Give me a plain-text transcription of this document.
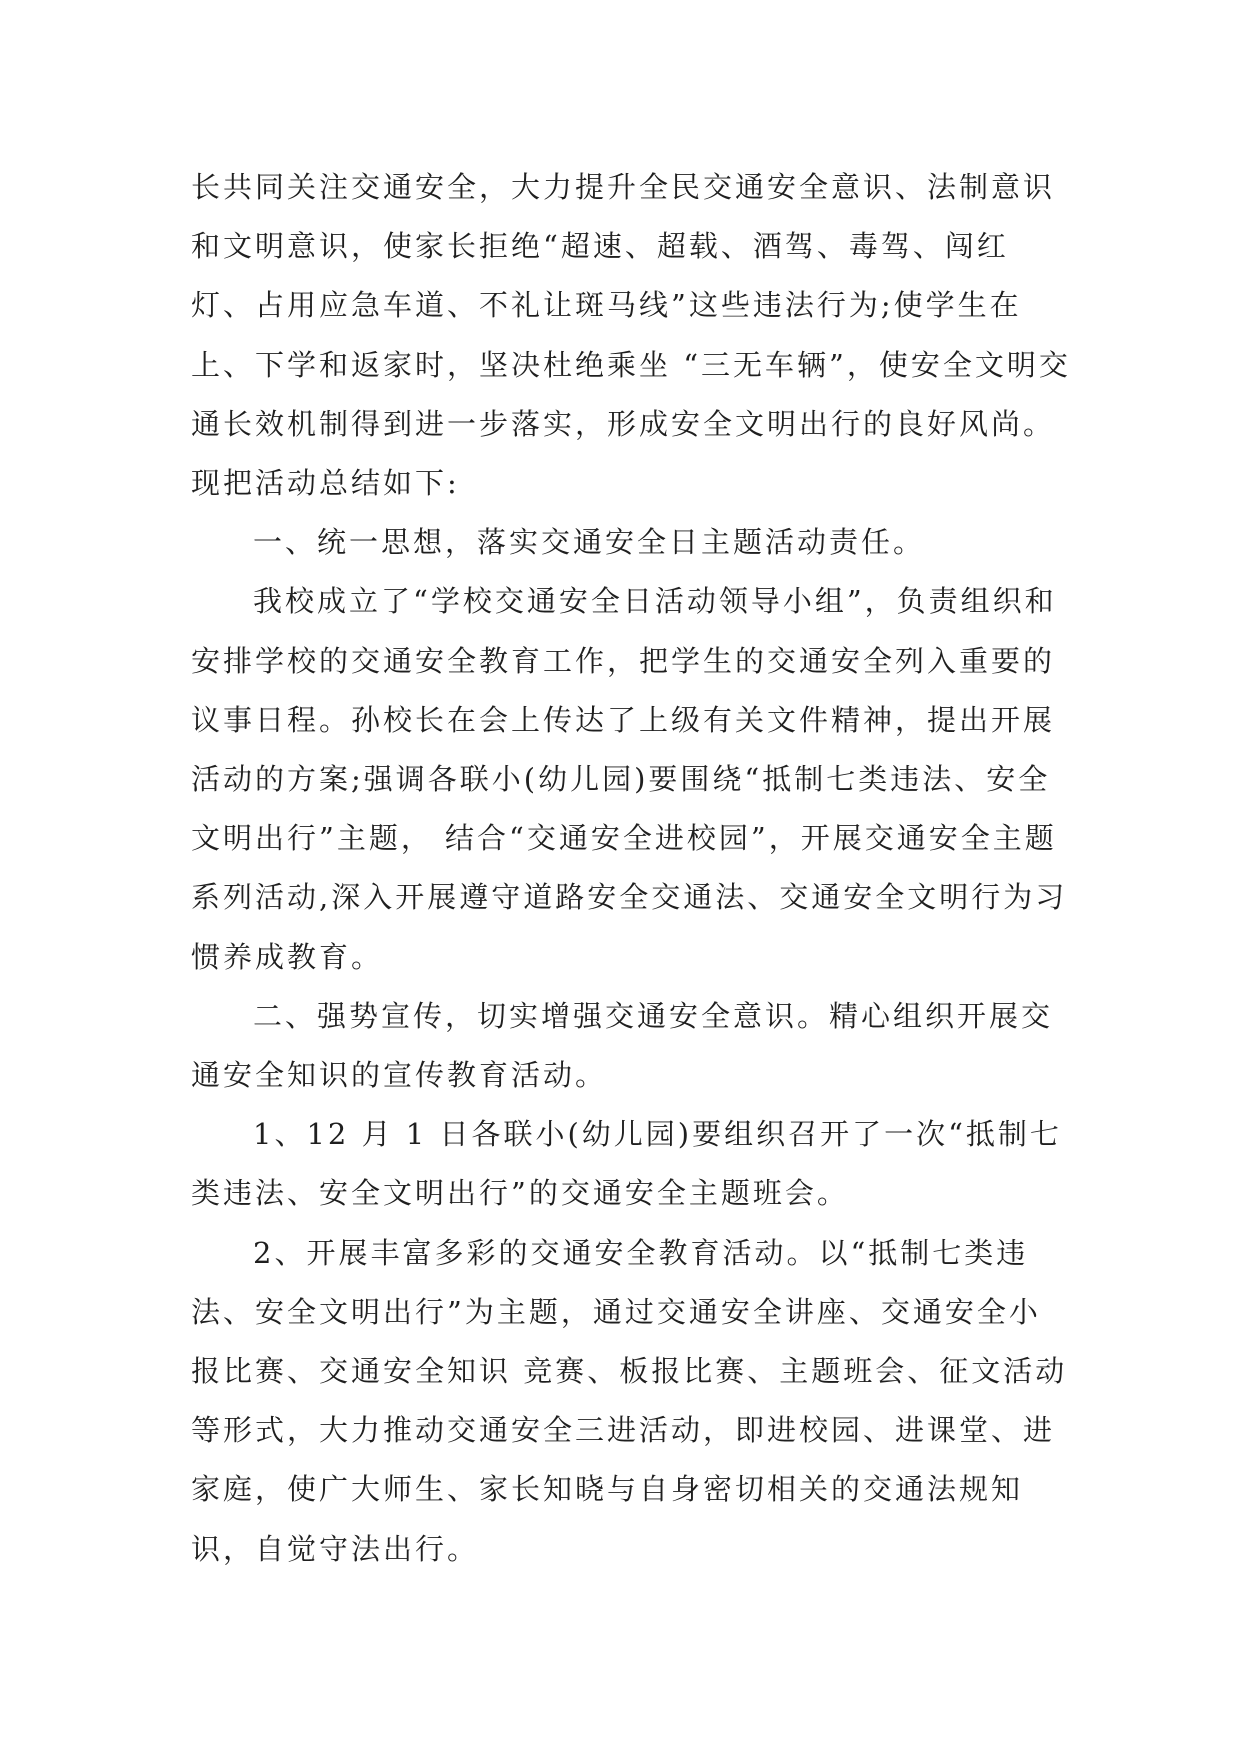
长共同关注交通安全，大力提升全民交通安全意识、法制意识和文明意识，使家长拒绝“超速、超载、酒驾、毒驾、闯红灯、占用应急车道、不礼让斑马线”这些违法行为;使学生在上、下学和返家时，坚决杜绝乘坐 “三无车辆”，使安全文明交通长效机制得到进一步落实，形成安全文明出行的良好风尚。现把活动总结如下:

一、统一思想，落实交通安全日主题活动责任。

我校成立了“学校交通安全日活动领导小组”，负责组织和安排学校的交通安全教育工作，把学生的交通安全列入重要的议事日程。孙校长在会上传达了上级有关文件精神，提出开展活动的方案;强调各联小(幼儿园)要围绕“抵制七类违法、安全文明出行”主题， 结合“交通安全进校园”，开展交通安全主题系列活动,深入开展遵守道路安全交通法、交通安全文明行为习惯养成教育。

二、强势宣传，切实增强交通安全意识。精心组织开展交通安全知识的宣传教育活动。

1、12 月 1 日各联小(幼儿园)要组织召开了一次“抵制七类违法、安全文明出行”的交通安全主题班会。

2、开展丰富多彩的交通安全教育活动。以“抵制七类违法、安全文明出行”为主题，通过交通安全讲座、交通安全小报比赛、交通安全知识 竞赛、板报比赛、主题班会、征文活动等形式，大力推动交通安全三进活动，即进校园、进课堂、进家庭，使广大师生、家长知晓与自身密切相关的交通法规知识，自觉守法出行。
